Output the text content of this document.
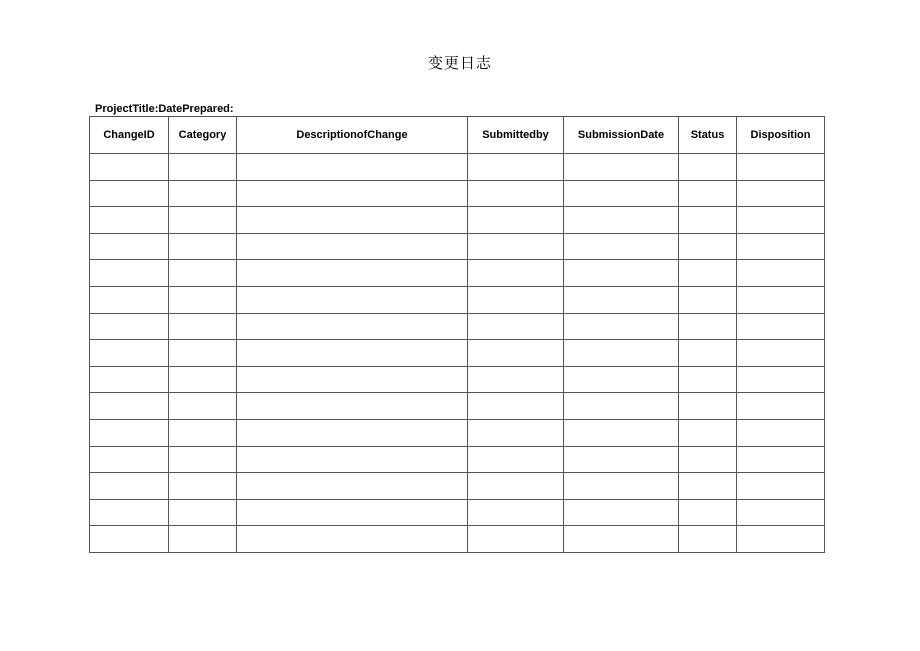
变更日志
ProjectTitle:DatePrepared:
ChangeID	Category	DescriptionofChange	Submittedby	SubmissionDate	Status	Disposition
